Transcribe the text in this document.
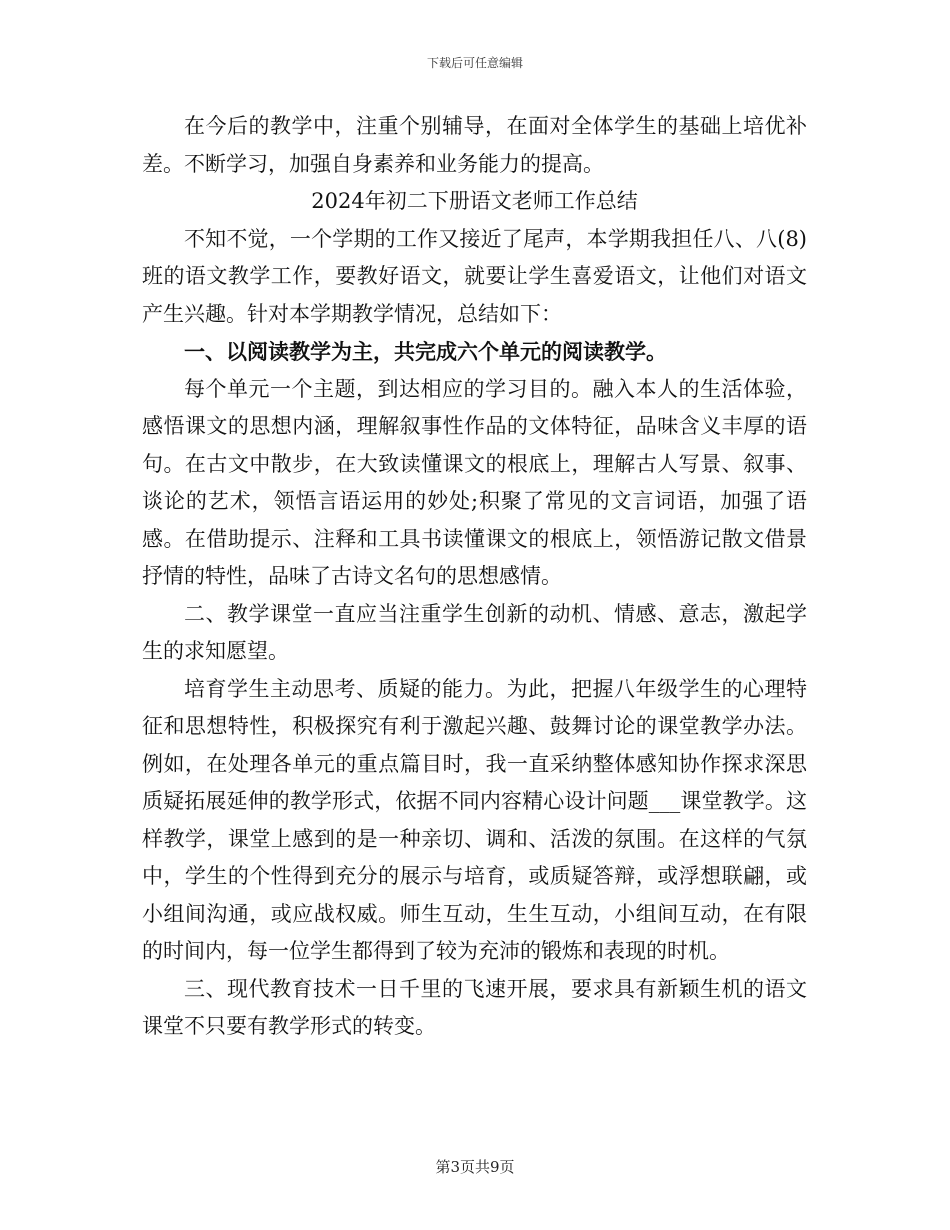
下载后可任意编辑

在今后的教学中，注重个别辅导，在面对全体学生的基础上培优补差。不断学习，加强自身素养和业务能力的提高。

2024年初二下册语文老师工作总结

不知不觉，一个学期的工作又接近了尾声，本学期我担任八、八(8)班的语文教学工作，要教好语文，就要让学生喜爱语文，让他们对语文产生兴趣。针对本学期教学情况，总结如下：

一、以阅读教学为主，共完成六个单元的阅读教学。

每个单元一个主题，到达相应的学习目的。融入本人的生活体验，感悟课文的思想内涵，理解叙事性作品的文体特征，品味含义丰厚的语句。在古文中散步，在大致读懂课文的根底上，理解古人写景、叙事、谈论的艺术，领悟言语运用的妙处;积聚了常见的文言词语，加强了语感。在借助提示、注释和工具书读懂课文的根底上，领悟游记散文借景抒情的特性，品味了古诗文名句的思想感情。

二、教学课堂一直应当注重学生创新的动机、情感、意志，激起学生的求知愿望。

培育学生主动思考、质疑的能力。为此，把握八年级学生的心理特征和思想特性，积极探究有利于激起兴趣、鼓舞讨论的课堂教学办法。例如，在处理各单元的重点篇目时，我一直采纳整体感知协作探求深思质疑拓展延伸的教学形式，依据不同内容精心设计问题___课堂教学。这样教学，课堂上感到的是一种亲切、调和、活泼的氛围。在这样的气氛中，学生的个性得到充分的展示与培育，或质疑答辩，或浮想联翩，或小组间沟通，或应战权威。师生互动，生生互动，小组间互动，在有限的时间内，每一位学生都得到了较为充沛的锻炼和表现的时机。

三、现代教育技术一日千里的飞速开展，要求具有新颖生机的语文课堂不只要有教学形式的转变。

第3页共9页
